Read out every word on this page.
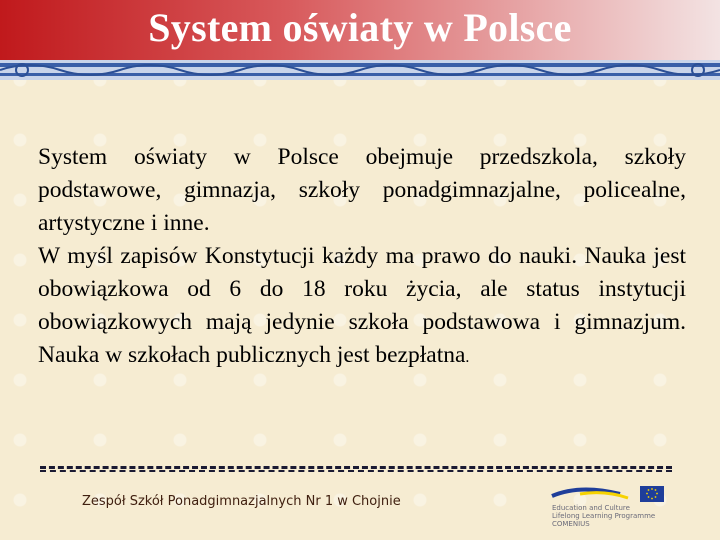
System oświaty w Polsce

System oświaty w Polsce obejmuje przedszkola, szkoły podstawowe, gimnazja, szkoły ponadgimnazjalne, policealne, artystyczne i inne.

W myśl zapisów Konstytucji każdy ma prawo do nauki. Nauka jest obowiązkowa od 6 do 18 roku życia, ale status instytucji obowiązkowych mają jedynie szkoła podstawowa i gimnazjum. Nauka w szkołach publicznych jest bezpłatna.

Zespół Szkół Ponadgimnazjalnych Nr 1 w Chojnie	Education and Culture
Lifelong Learning Programme
COMENIUS
